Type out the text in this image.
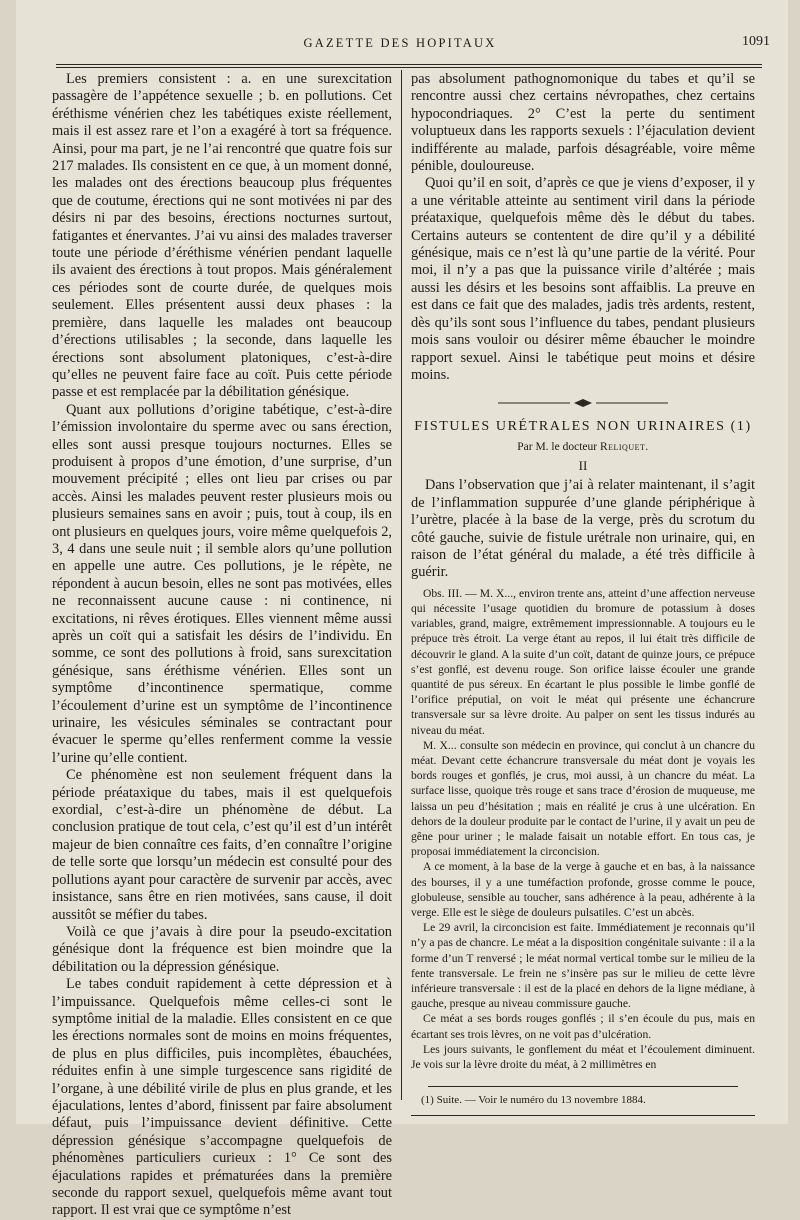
GAZETTE DES HOPITAUX	1091

Les premiers consistent : a. en une surexcitation passagère de l’appétence sexuelle ; b. en pollutions. Cet éréthisme vénérien chez les tabétiques existe réellement, mais il est assez rare et l’on a exagéré à tort sa fréquence. Ainsi, pour ma part, je ne l’ai rencontré que quatre fois sur 217 malades. Ils consistent en ce que, à un moment donné, les malades ont des érections beaucoup plus fréquentes que de coutume, érections qui ne sont motivées ni par des désirs ni par des besoins, érections nocturnes surtout, fatigantes et énervantes. J’ai vu ainsi des malades traverser toute une période d’éréthisme vénérien pendant laquelle ils avaient des érections à tout propos. Mais généralement ces périodes sont de courte durée, de quelques mois seulement. Elles présentent aussi deux phases : la première, dans laquelle les malades ont beaucoup d’érections utilisables ; la seconde, dans laquelle les érections sont absolument platoniques, c’est-à-dire qu’elles ne peuvent faire face au coït. Puis cette période passe et est remplacée par la débilitation génésique.

Quant aux pollutions d’origine tabétique, c’est-à-dire l’émission involontaire du sperme avec ou sans érection, elles sont aussi presque toujours nocturnes. Elles se produisent à propos d’une émotion, d’une surprise, d’un mouvement précipité ; elles ont lieu par crises ou par accès. Ainsi les malades peuvent rester plusieurs mois ou plusieurs semaines sans en avoir ; puis, tout à coup, ils en ont plusieurs en quelques jours, voire même quelquefois 2, 3, 4 dans une seule nuit ; il semble alors qu’une pollution en appelle une autre. Ces pollutions, je le répète, ne répondent à aucun besoin, elles ne sont pas motivées, elles ne reconnaissent aucune cause : ni continence, ni excitations, ni rêves érotiques. Elles viennent même aussi après un coït qui a satisfait les désirs de l’individu. En somme, ce sont des pollutions à froid, sans surexcitation génésique, sans éréthisme vénérien. Elles sont un symptôme d’incontinence spermatique, comme l’écoulement d’urine est un symptôme de l’incontinence urinaire, les vésicules séminales se contractant pour évacuer le sperme qu’elles renferment comme la vessie l’urine qu’elle contient.

Ce phénomène est non seulement fréquent dans la période préataxique du tabes, mais il est quelquefois exordial, c’est-à-dire un phénomène de début. La conclusion pratique de tout cela, c’est qu’il est d’un intérêt majeur de bien connaître ces faits, d’en connaître l’origine de telle sorte que lorsqu’un médecin est consulté pour des pollutions ayant pour caractère de survenir par accès, avec insistance, sans être en rien motivées, sans cause, il doit aussitôt se méfier du tabes.

Voilà ce que j’avais à dire pour la pseudo-excitation génésique dont la fréquence est bien moindre que la débilitation ou la dépression génésique.

Le tabes conduit rapidement à cette dépression et à l’impuissance. Quelquefois même celles-ci sont le symptôme initial de la maladie. Elles consistent en ce que les érections normales sont de moins en moins fréquentes, de plus en plus difficiles, puis incomplètes, ébauchées, réduites enfin à une simple turgescence sans rigidité de l’organe, à une débilité virile de plus en plus grande, et les éjaculations, lentes d’abord, finissent par faire absolument défaut, puis l’impuissance devient définitive. Cette dépression génésique s’accompagne quelquefois de phénomènes particuliers curieux : 1° Ce sont des éjaculations rapides et prématurées dans la première seconde du rapport sexuel, quelquefois même avant tout rapport. Il est vrai que ce symptôme n’est

pas absolument pathognomonique du tabes et qu’il se rencontre aussi chez certains névropathes, chez certains hypocondriaques. 2° C’est la perte du sentiment voluptueux dans les rapports sexuels : l’éjaculation devient indifférente au malade, parfois désagréable, voire même pénible, douloureuse.

Quoi qu’il en soit, d’après ce que je viens d’exposer, il y a une véritable atteinte au sentiment viril dans la période préataxique, quelquefois même dès le début du tabes. Certains auteurs se contentent de dire qu’il y a débilité génésique, mais ce n’est là qu’une partie de la vérité. Pour moi, il n’y a pas que la puissance virile d’altérée ; mais aussi les désirs et les besoins sont affaiblis. La preuve en est dans ce fait que des malades, jadis très ardents, restent, dès qu’ils sont sous l’influence du tabes, pendant plusieurs mois sans vouloir ou désirer même ébaucher le moindre rapport sexuel. Ainsi le tabétique peut moins et désire moins.

FISTULES URÉTRALES NON URINAIRES (1)

Par M. le docteur Reliquet.

II

Dans l’observation que j’ai à relater maintenant, il s’agit de l’inflammation suppurée d’une glande périphérique à l’urètre, placée à la base de la verge, près du scrotum du côté gauche, suivie de fistule urétrale non urinaire, qui, en raison de l’état général du malade, a été très difficile à guérir.

Obs. III. — M. X..., environ trente ans, atteint d’une affection nerveuse qui nécessite l’usage quotidien du bromure de potassium à doses variables, grand, maigre, extrêmement impressionnable. A toujours eu le prépuce très étroit. La verge étant au repos, il lui était très difficile de découvrir le gland. A la suite d’un coït, datant de quinze jours, ce prépuce s’est gonflé, est devenu rouge. Son orifice laisse écouler une grande quantité de pus séreux. En écartant le plus possible le limbe gonflé de l’orifice préputial, on voit le méat qui présente une échancrure transversale sur sa lèvre droite. Au palper on sent les tissus indurés au niveau du méat.

M. X... consulte son médecin en province, qui conclut à un chancre du méat. Devant cette échancrure transversale du méat dont je voyais les bords rouges et gonflés, je crus, moi aussi, à un chancre du méat. La surface lisse, quoique très rouge et sans trace d’érosion de muqueuse, me laissa un peu d’hésitation ; mais en réalité je crus à une ulcération. En dehors de la douleur produite par le contact de l’urine, il y avait un peu de gêne pour uriner ; le malade faisait un notable effort. En tous cas, je proposai immédiatement la circoncision.

A ce moment, à la base de la verge à gauche et en bas, à la naissance des bourses, il y a une tuméfaction profonde, grosse comme le pouce, globuleuse, sensible au toucher, sans adhérence à la peau, adhérente à la verge. Elle est le siège de douleurs pulsatiles. C’est un abcès.

Le 29 avril, la circoncision est faite. Immédiatement je reconnais qu’il n’y a pas de chancre. Le méat a la disposition congénitale suivante : il a la forme d’un T renversé ; le méat normal vertical tombe sur le milieu de la fente transversale. Le frein ne s’insère pas sur le milieu de cette lèvre inférieure transversale : il est de la placé en dehors de la ligne médiane, à gauche, presque au niveau commissure gauche.

Ce méat a ses bords rouges gonflés ; il s’en écoule du pus, mais en écartant ses trois lèvres, on ne voit pas d’ulcération.

Les jours suivants, le gonflement du méat et l’écoulement diminuent. Je vois sur la lèvre droite du méat, à 2 millimètres en

(1) Suite. — Voir le numéro du 13 novembre 1884.
